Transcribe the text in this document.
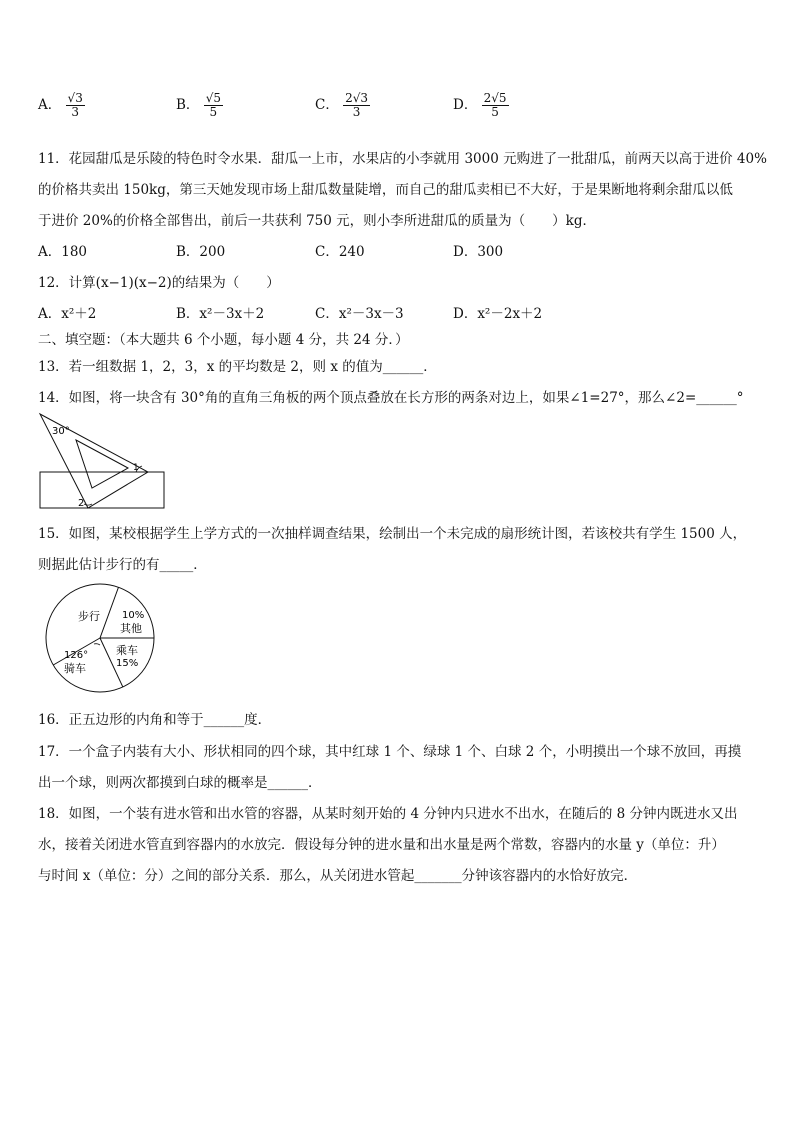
A． $\frac{√3}{3}$	B． $\frac{√5}{5}$	C． $\frac{2√3}{3}$	D． $\frac{2√5}{5}$
11．花园甜瓜是乐陵的特色时令水果．甜瓜一上市，水果店的小李就用 3000 元购进了一批甜瓜，前两天以高于进价 40%
的价格共卖出 150kg，第三天她发现市场上甜瓜数量陡增，而自己的甜瓜卖相已不大好，于是果断地将剩余甜瓜以低
于进价 20%的价格全部售出，前后一共获利 750 元，则小李所进甜瓜的质量为（　　）kg．
A．180	B．200	C．240	D．300
12．计算(x−1)(x−2)的结果为（　　）
A．x²＋2	B．x²－3x＋2	C．x²－3x－3	D．x²－2x＋2
二、填空题：（本大题共 6 个小题，每小题 4 分，共 24 分．）
13．若一组数据 1，2，3，x 的平均数是 2，则 x 的值为______．
14．如图，将一块含有 30°角的直角三角板的两个顶点叠放在长方形的两条对边上，如果∠1=27°，那么∠2=______°
30°
1
2
15．如图，某校根据学生上学方式的一次抽样调查结果，绘制出一个未完成的扇形统计图，若该校共有学生 1500 人，
则据此估计步行的有_____．
步行 10%
其他
乘车
15%
126°
骑车
16．正五边形的内角和等于______度．
17．一个盒子内装有大小、形状相同的四个球，其中红球 1 个、绿球 1 个、白球 2 个，小明摸出一个球不放回，再摸
出一个球，则两次都摸到白球的概率是______．
18．如图，一个装有进水管和出水管的容器，从某时刻开始的 4 分钟内只进水不出水，在随后的 8 分钟内既进水又出
水，接着关闭进水管直到容器内的水放完．假设每分钟的进水量和出水量是两个常数，容器内的水量 y（单位：升）
与时间 x（单位：分）之间的部分关系．那么，从关闭进水管起_______分钟该容器内的水恰好放完．
